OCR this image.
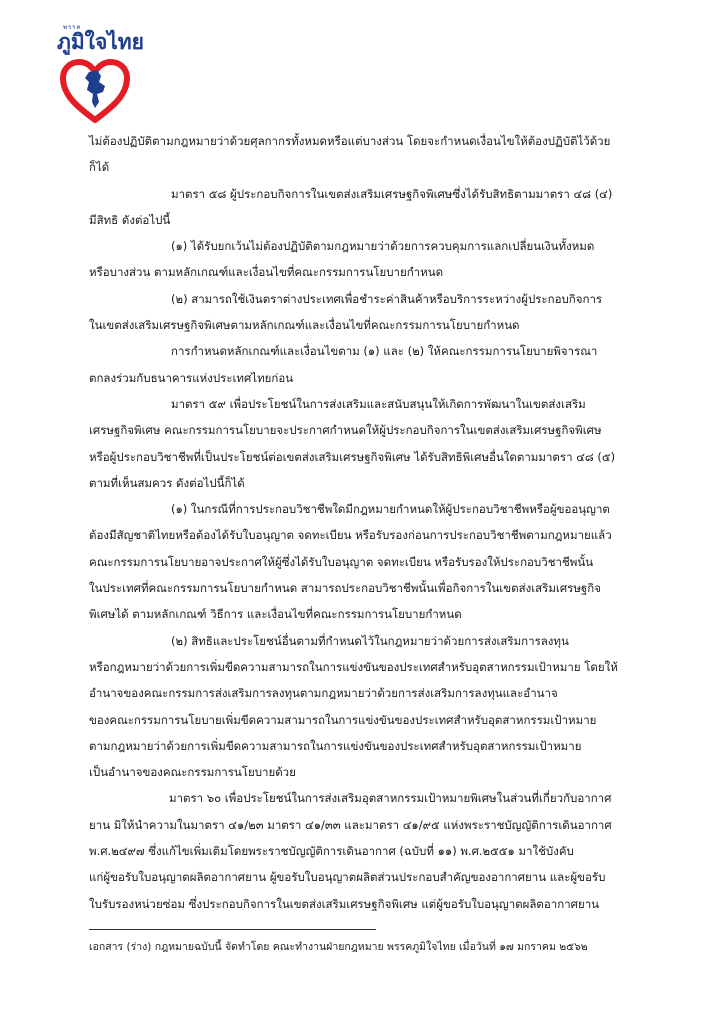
พรรค
ภูมิใจไทย
ไม่ต้องปฏิบัติตามกฎหมายว่าด้วยศุลกากรทั้งหมดหรือแต่บางส่วน โดยจะกำหนดเงื่อนไขให้ต้องปฏิบัติไว้ด้วย
ก็ได้
มาตรา ๕๘ ผู้ประกอบกิจการในเขตส่งเสริมเศรษฐกิจพิเศษซึ่งได้รับสิทธิตามมาตรา ๔๘ (๔)
มีสิทธิ ดังต่อไปนี้
(๑) ได้รับยกเว้นไม่ต้องปฏิบัติตามกฎหมายว่าด้วยการควบคุมการแลกเปลี่ยนเงินทั้งหมด
หรือบางส่วน ตามหลักเกณฑ์และเงื่อนไขที่คณะกรรมการนโยบายกำหนด
(๒) สามารถใช้เงินตราต่างประเทศเพื่อชำระค่าสินค้าหรือบริการระหว่างผู้ประกอบกิจการ
ในเขตส่งเสริมเศรษฐกิจพิเศษตามหลักเกณฑ์และเงื่อนไขที่คณะกรรมการนโยบายกำหนด
การกำหนดหลักเกณฑ์และเงื่อนไขตาม (๑) และ (๒) ให้คณะกรรมการนโยบายพิจารณา
ตกลงร่วมกับธนาคารแห่งประเทศไทยก่อน
มาตรา ๕๙ เพื่อประโยชน์ในการส่งเสริมและสนับสนุนให้เกิดการพัฒนาในเขตส่งเสริม
เศรษฐกิจพิเศษ คณะกรรมการนโยบายจะประกาศกำหนดให้ผู้ประกอบกิจการในเขตส่งเสริมเศรษฐกิจพิเศษ
หรือผู้ประกอบวิชาชีพที่เป็นประโยชน์ต่อเขตส่งเสริมเศรษฐกิจพิเศษ ได้รับสิทธิพิเศษอื่นใดตามมาตรา ๔๘ (๕)
ตามที่เห็นสมควร ดังต่อไปนี้ก็ได้
(๑) ในกรณีที่การประกอบวิชาชีพใดมีกฎหมายกำหนดให้ผู้ประกอบวิชาชีพหรือผู้ขออนุญาต
ต้องมีสัญชาติไทยหรือต้องได้รับใบอนุญาต จดทะเบียน หรือรับรองก่อนการประกอบวิชาชีพตามกฎหมายแล้ว
คณะกรรมการนโยบายอาจประกาศให้ผู้ซึ่งได้รับใบอนุญาต จดทะเบียน หรือรับรองให้ประกอบวิชาชีพนั้น
ในประเทศที่คณะกรรมการนโยบายกำหนด สามารถประกอบวิชาชีพนั้นเพื่อกิจการในเขตส่งเสริมเศรษฐกิจ
พิเศษได้ ตามหลักเกณฑ์ วิธีการ และเงื่อนไขที่คณะกรรมการนโยบายกำหนด
(๒) สิทธิและประโยชน์อื่นตามที่กำหนดไว้ในกฎหมายว่าด้วยการส่งเสริมการลงทุน
หรือกฎหมายว่าด้วยการเพิ่มขีดความสามารถในการแข่งขันของประเทศสำหรับอุตสาหกรรมเป้าหมาย โดยให้
อำนาจของคณะกรรมการส่งเสริมการลงทุนตามกฎหมายว่าด้วยการส่งเสริมการลงทุนและอำนาจ
ของคณะกรรมการนโยบายเพิ่มขีดความสามารถในการแข่งขันของประเทศสำหรับอุตสาหกรรมเป้าหมาย
ตามกฎหมายว่าด้วยการเพิ่มขีดความสามารถในการแข่งขันของประเทศสำหรับอุตสาหกรรมเป้าหมาย
เป็นอำนาจของคณะกรรมการนโยบายด้วย
มาตรา ๖๐ เพื่อประโยชน์ในการส่งเสริมอุตสาหกรรมเป้าหมายพิเศษในส่วนที่เกี่ยวกับอากาศ
ยาน มิให้นำความในมาตรา ๔๑/๒๓ มาตรา ๔๑/๓๓ และมาตรา ๔๑/๙๕ แห่งพระราชบัญญัติการเดินอากาศ
พ.ศ.๒๔๙๗ ซึ่งแก้ไขเพิ่มเติมโดยพระราชบัญญัติการเดินอากาศ (ฉบับที่ ๑๑) พ.ศ.๒๕๕๑ มาใช้บังคับ
แก่ผู้ขอรับใบอนุญาตผลิตอากาศยาน ผู้ขอรับใบอนุญาตผลิตส่วนประกอบสำคัญของอากาศยาน และผู้ขอรับ
ใบรับรองหน่วยซ่อม ซึ่งประกอบกิจการในเขตส่งเสริมเศรษฐกิจพิเศษ แต่ผู้ขอรับใบอนุญาตผลิตอากาศยาน
เอกสาร (ร่าง) กฎหมายฉบับนี้ จัดทำโดย คณะทำงานฝ่ายกฎหมาย พรรคภูมิใจไทย เมื่อวันที่ ๑๗ มกราคม ๒๕๖๒
